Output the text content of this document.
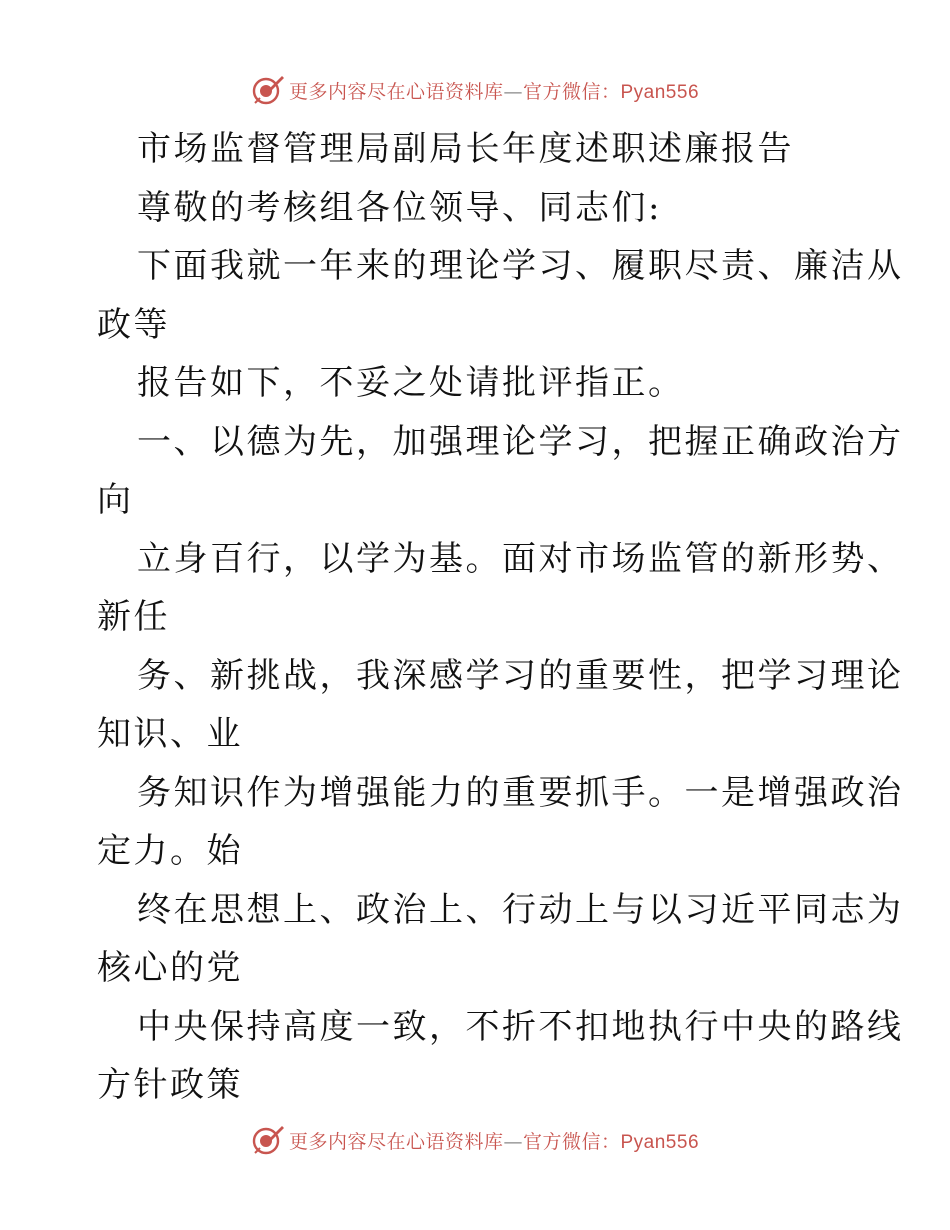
更多内容尽在心语资料库—官方微信：Pyan556
市场监督管理局副局长年度述职述廉报告
尊敬的考核组各位领导、同志们:
下面我就一年来的理论学习、履职尽责、廉洁从
政等
报告如下，不妥之处请批评指正。
一、以德为先，加强理论学习，把握正确政治方
向
立身百行，以学为基。面对市场监管的新形势、
新任
务、新挑战，我深感学习的重要性，把学习理论
知识、业
务知识作为增强能力的重要抓手。一是增强政治
定力。始
终在思想上、政治上、行动上与以习近平同志为
核心的党
中央保持高度一致，不折不扣地执行中央的路线
方针政策
更多内容尽在心语资料库—官方微信：Pyan556
